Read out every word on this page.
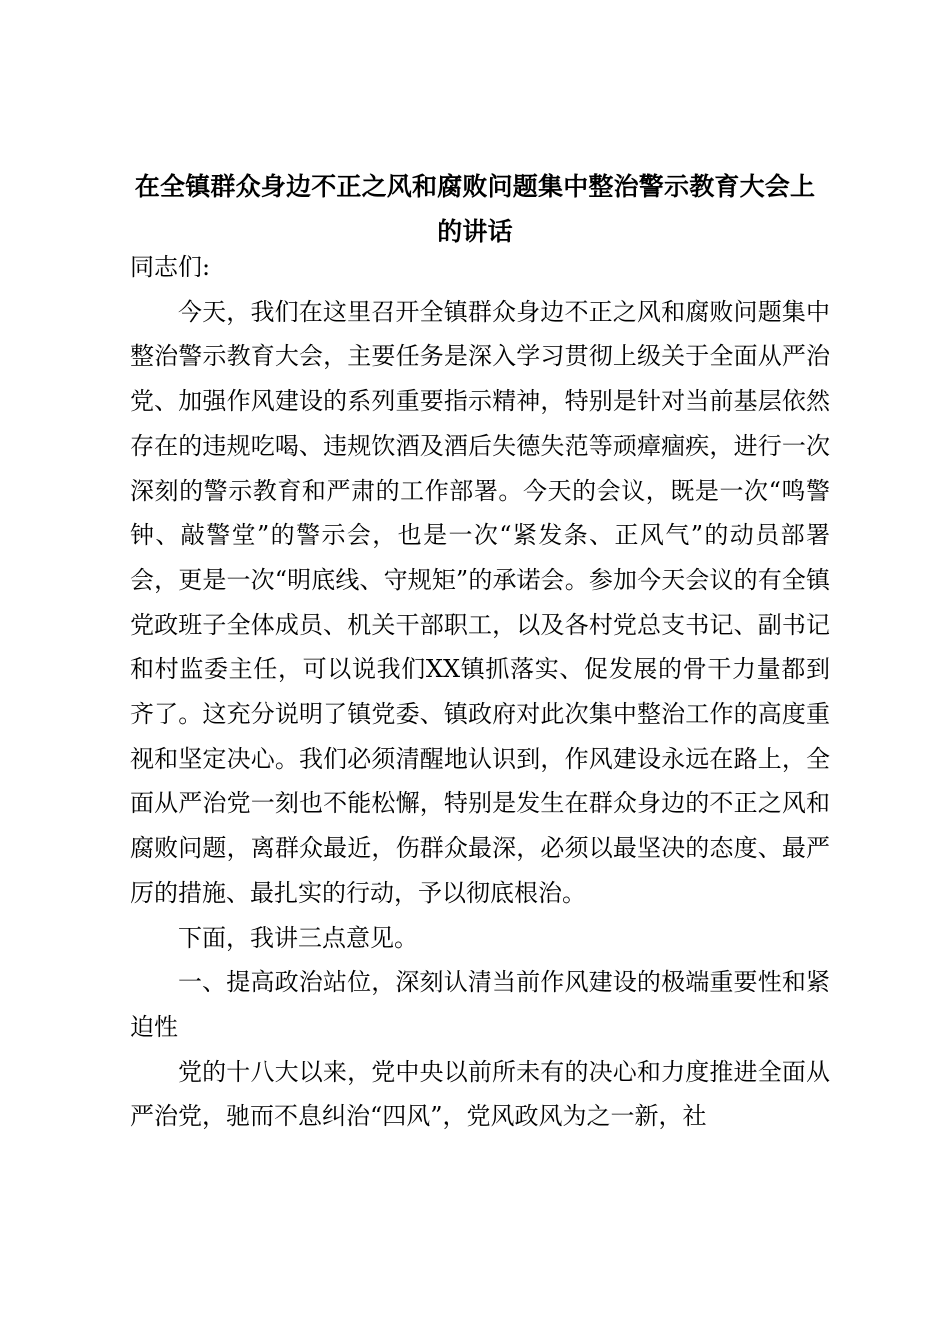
在全镇群众身边不正之风和腐败问题集中整治警示教育大会上
的讲话

同志们:

今天，我们在这里召开全镇群众身边不正之风和腐败问题集中整治警示教育大会，主要任务是深入学习贯彻上级关于全面从严治党、加强作风建设的系列重要指示精神，特别是针对当前基层依然存在的违规吃喝、违规饮酒及酒后失德失范等顽瘴痼疾，进行一次深刻的警示教育和严肃的工作部署。今天的会议，既是一次“鸣警钟、敲警堂”的警示会，也是一次“紧发条、正风气”的动员部署会，更是一次“明底线、守规矩”的承诺会。参加今天会议的有全镇党政班子全体成员、机关干部职工，以及各村党总支书记、副书记和村监委主任，可以说我们XX镇抓落实、促发展的骨干力量都到齐了。这充分说明了镇党委、镇政府对此次集中整治工作的高度重视和坚定决心。我们必须清醒地认识到，作风建设永远在路上，全面从严治党一刻也不能松懈，特别是发生在群众身边的不正之风和腐败问题，离群众最近，伤群众最深，必须以最坚决的态度、最严厉的措施、最扎实的行动，予以彻底根治。

下面，我讲三点意见。

一、提高政治站位，深刻认清当前作风建设的极端重要性和紧迫性

党的十八大以来，党中央以前所未有的决心和力度推进全面从严治党，驰而不息纠治“四风”，党风政风为之一新，社
